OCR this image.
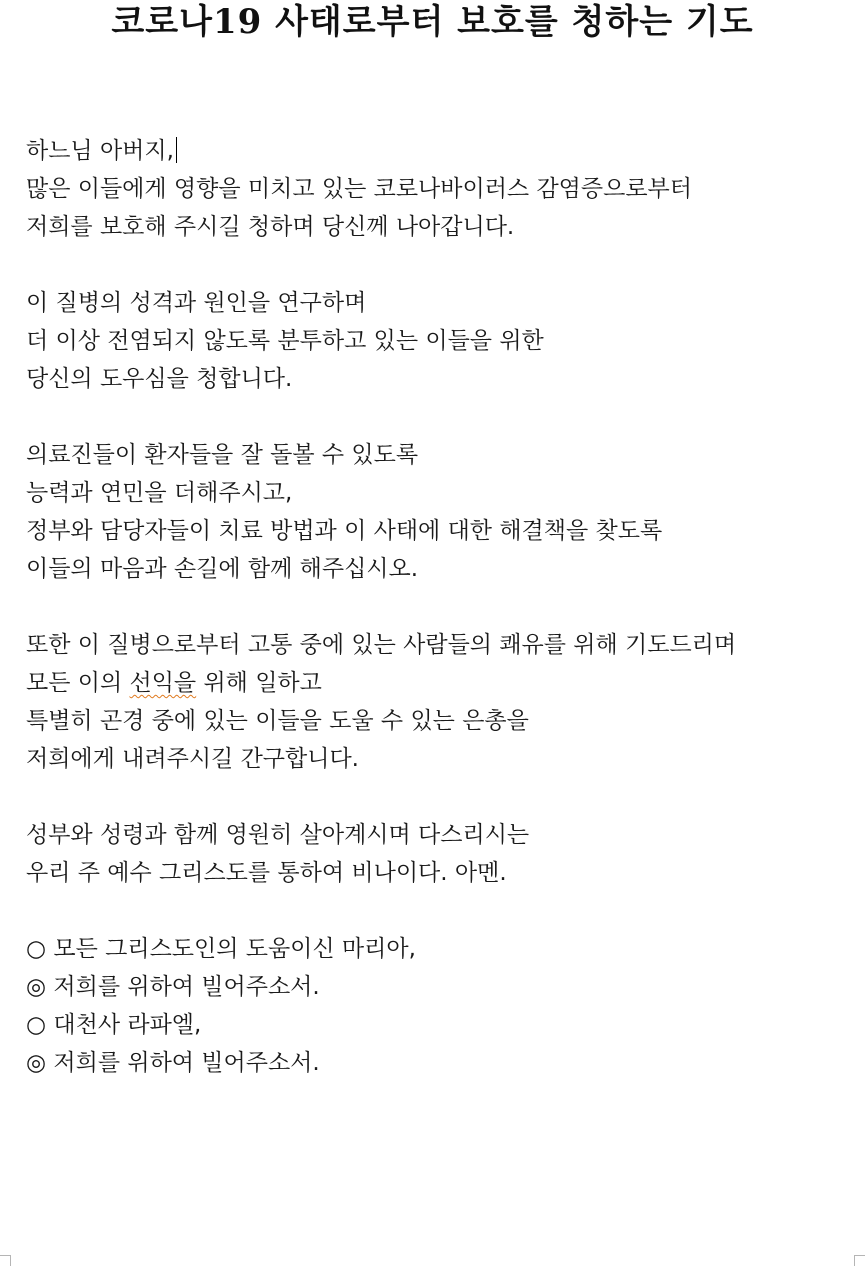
코로나19 사태로부터 보호를 청하는 기도
하느님 아버지,
많은 이들에게 영향을 미치고 있는 코로나바이러스 감염증으로부터
저희를 보호해 주시길 청하며 당신께 나아갑니다.
이 질병의 성격과 원인을 연구하며
더 이상 전염되지 않도록 분투하고 있는 이들을 위한
당신의 도우심을 청합니다.
의료진들이 환자들을 잘 돌볼 수 있도록
능력과 연민을 더해주시고,
정부와 담당자들이 치료 방법과 이 사태에 대한 해결책을 찾도록
이들의 마음과 손길에 함께 해주십시오.
또한 이 질병으로부터 고통 중에 있는 사람들의 쾌유를 위해 기도드리며
모든 이의 선익을 위해 일하고
특별히 곤경 중에 있는 이들을 도울 수 있는 은총을
저희에게 내려주시길 간구합니다.
성부와 성령과 함께 영원히 살아계시며 다스리시는
우리 주 예수 그리스도를 통하여 비나이다. 아멘.
○ 모든 그리스도인의 도움이신 마리아,
◎ 저희를 위하여 빌어주소서.
○ 대천사 라파엘,
◎ 저희를 위하여 빌어주소서.
